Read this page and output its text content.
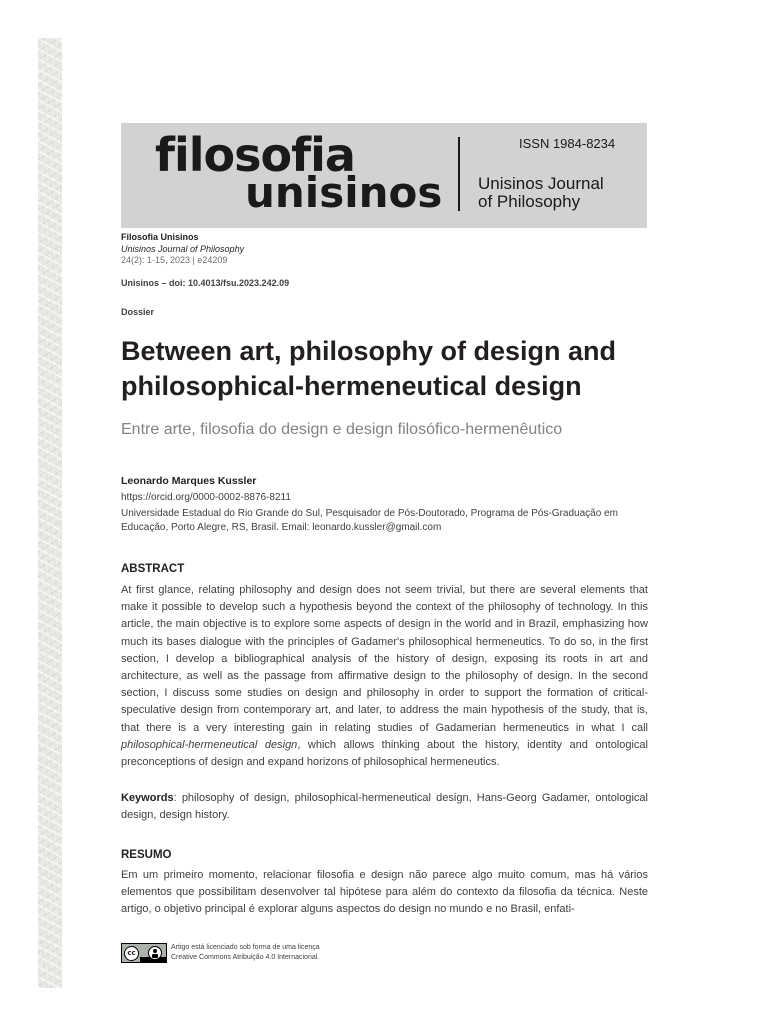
filosofia
unisinos
ISSN 1984-8234
Unisinos Journal
of Philosophy
Filosofia Unisinos
Unisinos Journal of Philosophy
24(2): 1-15, 2023 | e24209
Unisinos – doi: 10.4013/fsu.2023.242.09
Dossier
Between art, philosophy of design and philosophical-hermeneutical design
Entre arte, filosofia do design e design filosófico-hermenêutico
Leonardo Marques Kussler
https://orcid.org/0000-0002-8876-8211
Universidade Estadual do Rio Grande do Sul, Pesquisador de Pós-Doutorado, Programa de Pós-Graduação em Educação, Porto Alegre, RS, Brasil. Email: leonardo.kussler@gmail.com
ABSTRACT

At first glance, relating philosophy and design does not seem trivial, but there are several elements that make it possible to develop such a hypothesis beyond the context of the philosophy of technology. In this article, the main objective is to explore some aspects of design in the world and in Brazil, emphasizing how much its bases dialogue with the principles of Gadamer's philosophical hermeneutics. To do so, in the first section, I develop a bibliographical analysis of the history of design, exposing its roots in art and architecture, as well as the passage from affirmative design to the philosophy of design. In the second section, I discuss some studies on design and philosophy in order to support the formation of critical-speculative design from contemporary art, and later, to address the main hypothesis of the study, that is, that there is a very interesting gain in relating studies of Gadamerian hermeneutics in what I call philosophical-hermeneutical design, which allows thinking about the history, identity and ontological preconceptions of design and expand horizons of philosophical hermeneutics.

Keywords: philosophy of design, philosophical-hermeneutical design, Hans-Georg Gadamer, ontological design, design history.

RESUMO

Em um primeiro momento, relacionar filosofia e design não parece algo muito comum, mas há vários elementos que possibilitam desenvolver tal hipótese para além do contexto da filosofia da técnica. Neste artigo, o objetivo principal é explorar alguns aspectos do design no mundo e no Brasil, enfati-

cc
Artigo está licenciado sob forma de uma licença
Creative Commons Atribuição 4.0 Internacional.
